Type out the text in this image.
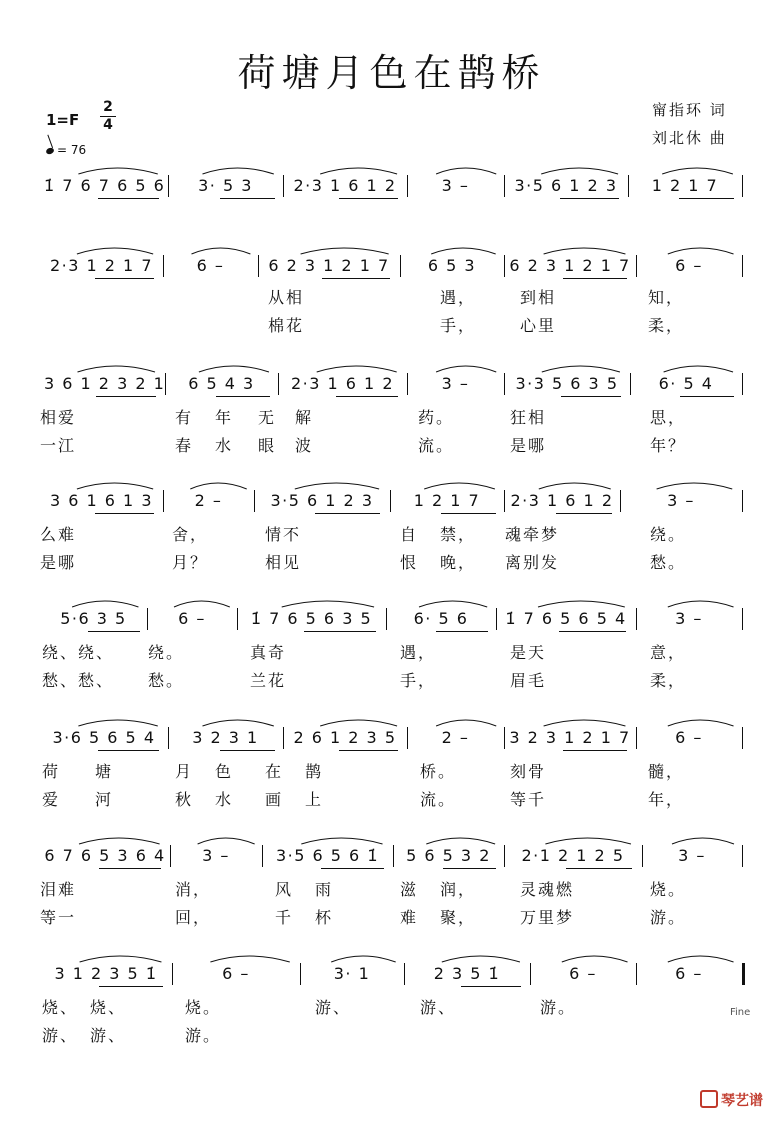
荷塘月色在鹊桥
甯指环 词
刘北休 曲
1=F
2
4
= 76
1̇ 7 6 7 6 5 6	3· 5 3	2·3 1 6 1 2	3 –	3·5 6 1 2 3	1 2 1 7
2·3 1 2 1 7	6 –	6 2 3 1 2 1 7	6 5 3	6 2 3 1 2 1 7	6 –
从相	遇，	到相	知，
棉花	手，	心里	柔，
3 6 1 2 3 2 1	6 5 4 3	2·3 1 6 1 2	3 –	3·3 5 6 3 5	6· 5 4
相爱	有 年 无 解	药。	狂相	思，
一江	春 水 眼 波	流。	是哪	年？
3 6 1 6 1 3	2 –	3·5 6 1 2 3	1 2 1 7	2·3 1 6 1 2	3 –
么难	舍，	情不	自 禁， 魂牵梦	绕。
是哪	月？	相见	恨 晚， 离别发	愁。
5·6 3 5	6 –	1̇ 7 6 5 6 3 5	6· 5 6	1̇ 7 6 5 6 5 4	3 –
绕、绕、 绕。	真奇	遇，	是天	意，
愁、愁、 愁。	兰花	手，	眉毛	柔，
3·6 5 6 5 4	3 2 3 1	2 6 1 2 3 5	2 –	3 2 3 1 2 1 7	6 –
荷 塘	月 色 在 鹊	桥。	刻骨	髓，
爱 河	秋 水 画 上	流。	等千	年，
6 7 6 5 3 6 4	3 –	3·5 6 5 6 1̇	5 6 5 3 2	2·1 2 1 2 5	3 –
泪难	消，	风 雨	滋 润，	灵魂燃	烧。
等一	回，	千 杯	难 聚，	万里梦	游。
3 1 2 3 5 1̇	6 –	3· 1	2 3 5 1̇	6 –	6 –
烧、 烧、	烧。	游、	游、	游。
游、 游、	游。
Fine
琴艺谱
